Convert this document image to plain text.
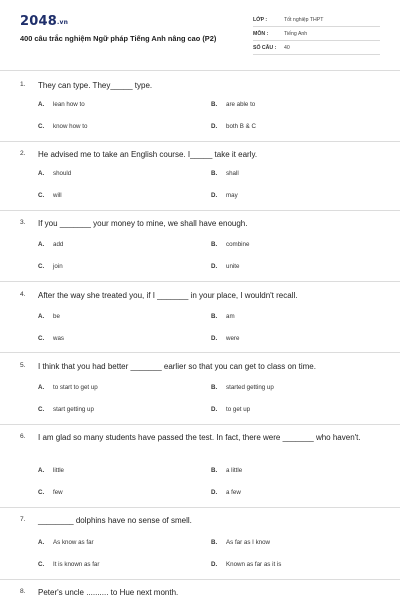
2048.vn
400 câu trắc nghiệm Ngữ pháp Tiếng Anh nâng cao (P2)
LỚP :	Tốt nghiệp THPT
MÔN :	Tiếng Anh
SỐ CÂU : 40
1. They can type. They_____ type.
A. lean how to	B. are able to
C. know how to	D. both B & C
2. He advised me to take an English course. I_____ take it early.
A. should	B. shall
C. will	D. may
3. If you _______ your money to mine, we shall have enough.
A. add	B. combine
C. join	D. unite
4. After the way she treated you, if I _______ in your place, I wouldn't recall.
A. be	B. am
C. was	D. were
5. I think that you had better _______ earlier so that you can get to class on time.
A. to start to get up	B. started getting up
C. start getting up	D. to get up
6. I am glad so many students have passed the test. In fact, there were _______ who haven't.
A. little	B. a little
C. few	D. a few
7. ________ dolphins have no sense of smell.
A. As know as far	B. As far as I know
C. It is known as far	D. Known as far as it is
8. Peter's uncle .......... to Hue next month.
